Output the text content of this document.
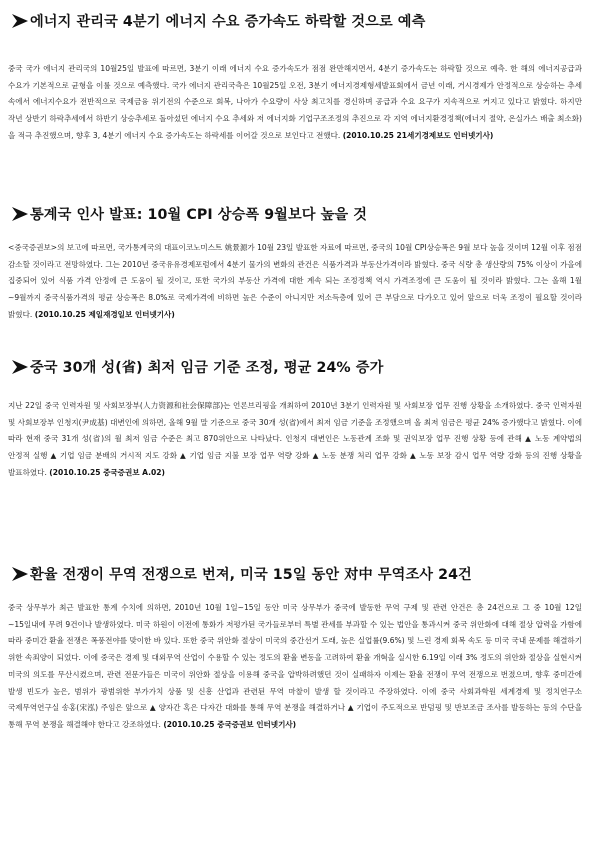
에너지 관리국 4분기 에너지 수요 증가속도 하락할 것으로 예측
중국 국가 에너지 관리국의 10월25일 발표에 따르면, 3분기 이래 에너지 수요 증가속도가 점점 완만해지면서, 4분기 증가속도는 하락할 것으로 예측. 한 해의 에너지공급과 수요가 기본적으로 균형을 이룰 것으로 예측했다. 국가 에너지 관리국측은 10월25일 오전, 3분기 에너지경제형세발표회에서 금년 이래, 거시경제가 안정적으로 상승하는 추세 속에서 에너지수요가 전반적으로 국제금융 위기전의 수준으로 회복, 나아가 수요량이 사상 최고치를 경신하며 공급과 수요 요구가 지속적으로 커지고 있다고 밝혔다. 하지만 작년 상반기 하락추세에서 하반기 상승추세로 돌아섰던 에너지 수요 추세와 저 에너지화 기업구조조정의 추진으로 각 지역 에너지환경정책(에너지 절약, 온실가스 배출 최소화)을 적극 추진했으며, 향후 3, 4분기 에너지 수요 증가속도는 하락세를 이어갈 것으로 보인다고 전했다. (2010.10.25 21세기경제보도 인터넷기사)
통계국 인사 발표: 10월 CPI 상승폭 9월보다 높을 것
<중국증권보>의 보고에 따르면, 국가통계국의 대표이코노미스트 姚景源가 10월 23일 발표한 자료에 따르면, 중국의 10월 CPI상승폭은 9월 보다 높을 것이며 12월 이후 점점 감소할 것이라고 전망하였다. 그는 2010년 중국유유경제포럼에서 4분기 물가의 변화의 관건은 식품가격과 부동산가격이라 밝혔다. 중국 식량 총 생산량의 75% 이상이 가을에 집중되어 있어 식품 가격 안정에 큰 도움이 될 것이고, 또한 국가의 부동산 가격에 대한 계속 되는 조정정책 역시 가격조정에 큰 도움이 될 것이라 밝혔다. 그는 올해 1월~9월까지 중국식품가격의 평균 상승폭은 8.0%로 국제가격에 비하면 높은 수준이 아니지만 저소득층에 있어 큰 부담으로 다가오고 있어 앞으로 더욱 조정이 필요할 것이라 밝혔다. (2010.10.25 제일재경일보 인터넷기사)
중국 30개 성(省) 최저 임금 기준 조정, 평균 24% 증가
지난 22일 중국 인력자원 및 사회보장부(人力资源和社会保障部)는 언론브리핑을 개최하여 2010년 3분기 인력자원 및 사회보장 업무 진행 상황을 소개하였다. 중국 인력자원 및 사회보장부 인청지(尹成基) 대변인에 의하면, 올해 9월 말 기준으로 중국 30개 성(省)에서 최저 임금 기준을 조정했으며 올 최저 임금은 평균 24% 증가했다고 밝혔다. 이에 따라 현재 중국 31개 성(省)의 월 최저 임금 수준은 최고 870위안으로 나타났다. 인청지 대변인은 노동관계 조화 및 권익보장 업무 진행 상황 등에 관해 ▲ 노동 계약법의 안정적 실행 ▲ 기업 임금 분배의 거시적 지도 강화 ▲ 기업 임금 지불 보장 업무 역량 강화 ▲ 노동 분쟁 처리 업무 강화 ▲ 노동 보장 감시 업무 역량 강화 등의 진행 상황을 발표하였다. (2010.10.25 중국증권보 A.02)
환율 전쟁이 무역 전쟁으로 번져, 미국 15일 동안 对中 무역조사 24건
중국 상무부가 최근 발표한 통계 수치에 의하면, 2010년 10월 1일~15일 동안 미국 상무부가 중국에 발동한 무역 구제 및 관련 안건은 총 24건으로 그 중 10월 12일~15일내에 무려 9건이나 발생하였다. 미국 하원이 이전에 통화가 저평가된 국가들로부터 특별 관세를 부과할 수 있는 법안을 통과시켜 중국 위안화에 대해 절상 압력을 가함에 따라 중미간 환율 전쟁은 폭풍전야를 맞이한 바 있다. 또한 중국 위안화 절상이 미국의 중간선거 도래, 높은 실업률(9.6%) 및 느린 경제 회복 속도 등 미국 국내 문제를 해결하기 위한 속죄양이 되었다. 이에 중국은 경제 및 대외무역 산업이 수용할 수 있는 정도의 환율 변동을 고려하여 환율 개혁을 실시한 6.19일 이래 3% 정도의 위안화 절상을 실현시켜 미국의 의도를 무산시켰으며, 관련 전문가들은 미국이 위안화 절상을 이용해 중국을 압박하려했던 것이 실패하자 이제는 환율 전쟁이 무역 전쟁으로 번졌으며, 향후 중미간에 발생 빈도가 높은, 범위가 광범위한 부가가치 상품 및 신흥 산업과 관련된 무역 마찰이 발생 할 것이라고 주장하였다. 이에 중국 사회과학원 세계경제 및 정치연구소 국제무역연구실 송홍(宋泓) 주임은 앞으로 ▲ 양자간 혹은 다자간 대화를 통해 무역 분쟁을 해결하거나 ▲ 기업이 주도적으로 반덤핑 및 반보조금 조사를 발동하는 등의 수단을 통해 무역 분쟁을 해결해야 한다고 강조하였다. (2010.10.25 중국증권보 인터넷기사)
